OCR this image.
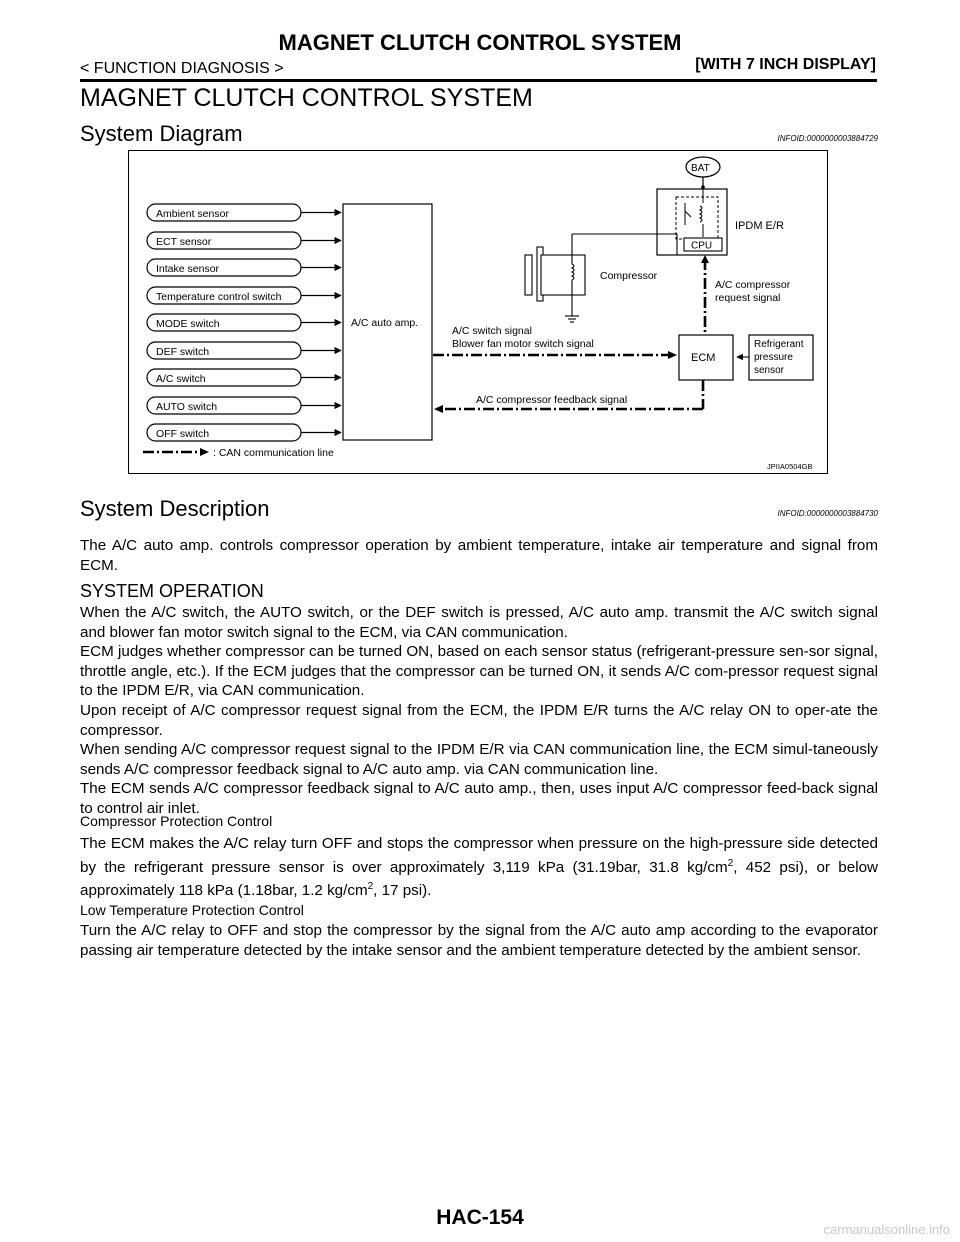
MAGNET CLUTCH CONTROL SYSTEM
< FUNCTION DIAGNOSIS >	[WITH 7 INCH DISPLAY]
MAGNET CLUTCH CONTROL SYSTEM
System Diagram	INFOID:0000000003884729
Ambient sensor
ECT sensor
Intake sensor
Temperature control switch
MODE switch
DEF switch
A/C switch
AUTO switch
OFF switch
A/C auto amp.
BAT
CPU
IPDM E/R
Compressor
A/C compressor
request signal
ECM
Refrigerant
pressure
sensor
A/C switch signal
Blower fan motor switch signal
A/C compressor feedback signal
: CAN communication line
JPIIA0504GB
System Description	INFOID:0000000003884730
The A/C auto amp. controls compressor operation by ambient temperature, intake air temperature and signal from ECM.
SYSTEM OPERATION
When the A/C switch, the AUTO switch, or the DEF switch is pressed, A/C auto amp. transmit the A/C switch signal and blower fan motor switch signal to the ECM, via CAN communication.
ECM judges whether compressor can be turned ON, based on each sensor status (refrigerant-pressure sen-sor signal, throttle angle, etc.). If the ECM judges that the compressor can be turned ON, it sends A/C com-pressor request signal to the IPDM E/R, via CAN communication.
Upon receipt of A/C compressor request signal from the ECM, the IPDM E/R turns the A/C relay ON to oper-ate the compressor.
When sending A/C compressor request signal to the IPDM E/R via CAN communication line, the ECM simul-taneously sends A/C compressor feedback signal to A/C auto amp. via CAN communication line.
The ECM sends A/C compressor feedback signal to A/C auto amp., then, uses input A/C compressor feed-back signal to control air inlet.
Compressor Protection Control
The ECM makes the A/C relay turn OFF and stops the compressor when pressure on the high-pressure side detected by the refrigerant pressure sensor is over approximately 3,119 kPa (31.19bar, 31.8 $kg/cm^2$, 452 psi), or below approximately 118 kPa (1.18bar, 1.2 $kg/cm^2$, 17 psi).
Low Temperature Protection Control
Turn the A/C relay to OFF and stop the compressor by the signal from the A/C auto amp according to the evaporator passing air temperature detected by the intake sensor and the ambient temperature detected by the ambient sensor.
HAC-154
carmanualsonline.info
